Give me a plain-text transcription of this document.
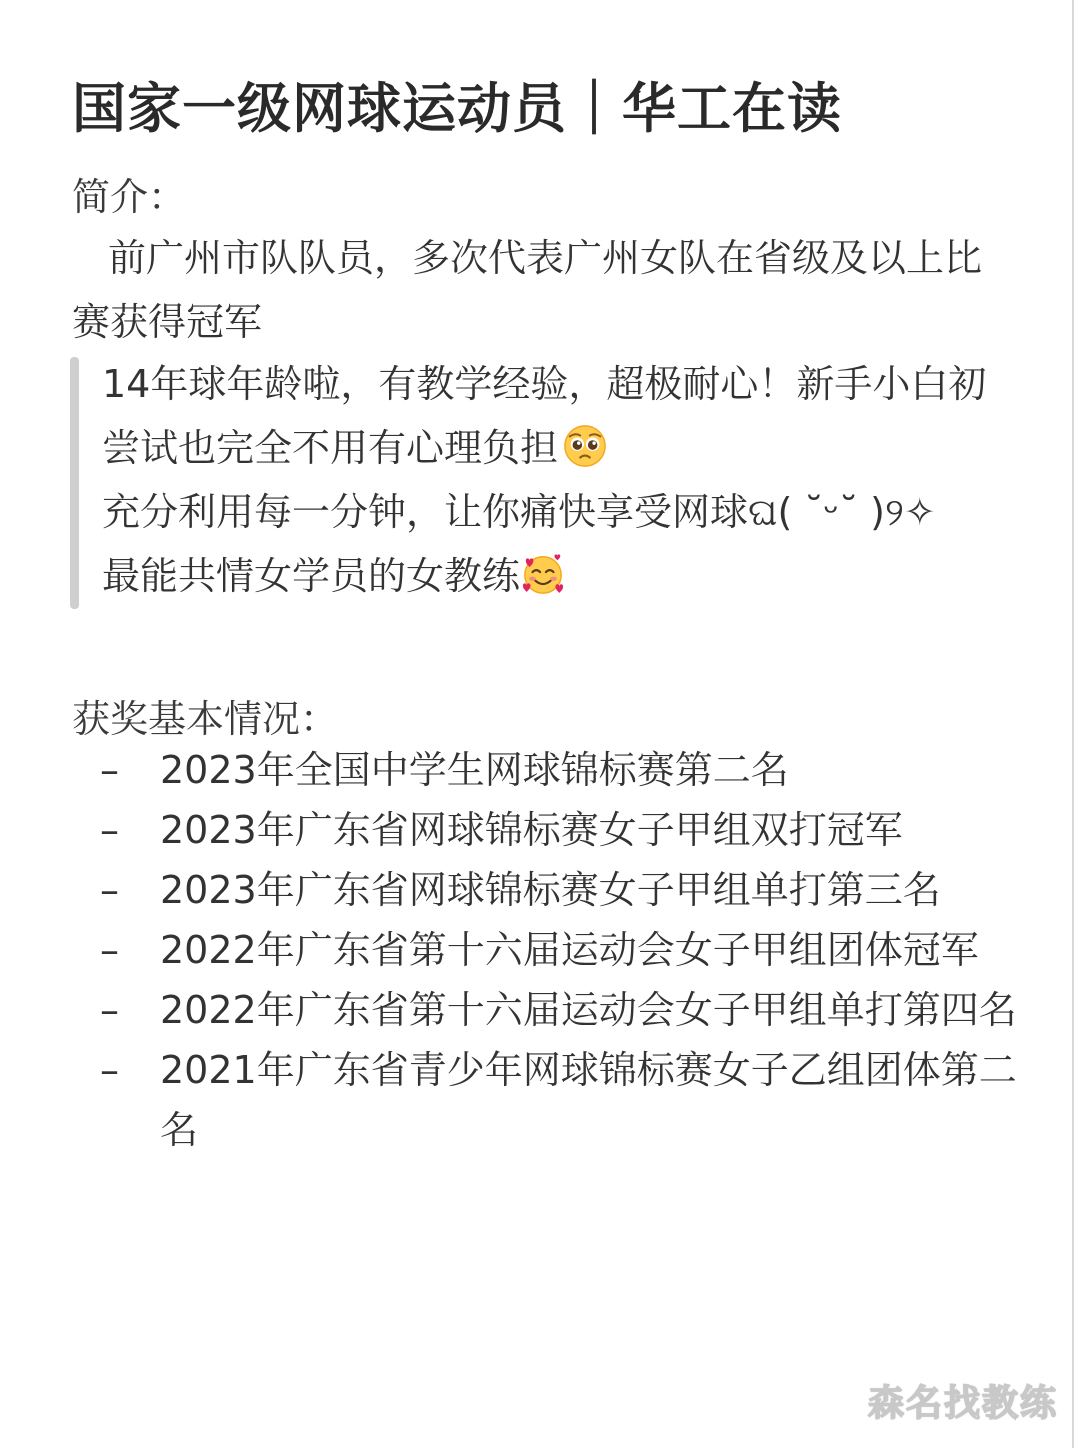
国家一级网球运动员｜华工在读
简介：
前广州市队队员，多次代表广州女队在省级及以上比赛获得冠军
14年球年龄啦，有教学经验，超极耐心！新手小白初尝试也完全不用有心理负担
充分利用每一分钟，让你痛快享受网球ଘ( ˘ᵕ˘ )୨✧
最能共情女学员的女教练
获奖基本情况：
–	2023年全国中学生网球锦标赛第二名
–	2023年广东省网球锦标赛女子甲组双打冠军
–	2023年广东省网球锦标赛女子甲组单打第三名
–	2022年广东省第十六届运动会女子甲组团体冠军
–	2022年广东省第十六届运动会女子甲组单打第四名
–	2021年广东省青少年网球锦标赛女子乙组团体第二名
森名找教练
